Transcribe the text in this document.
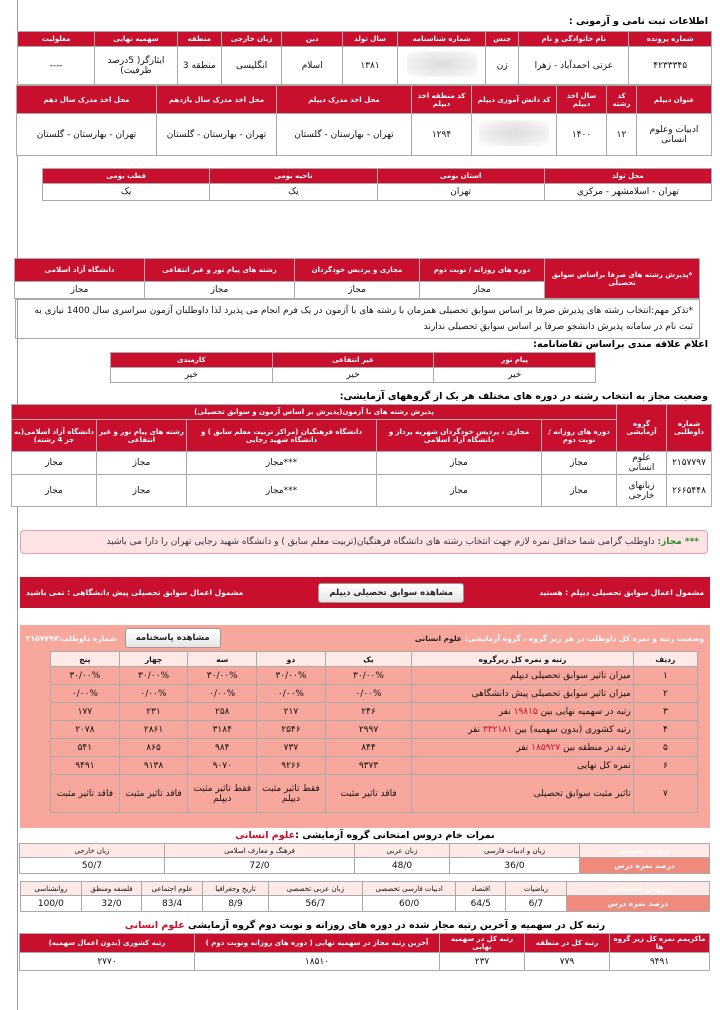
اطلاعات ثبت نامی و آزمونی :
شماره پرونده	نام خانوادگی و نام	جنس	شماره شناسنامه	سال تولد	دین	زبان خارجی	منطقه	سهمیه نهایی	معلولیت
۴۲۳۳۳۴۵	عزتی احمدآباد - زهرا	زن		۱۳۸۱	اسلام	انگلیسی	منطقه 3	ایثارگر( 5درصد ظرفیت)	----
عنوان دیپلم	کد رشته	سال اخذ دیپلم	کد دانش آموزی دیپلم	کد منطقه اخذ دیپلم	محل اخذ مدرک دیپلم	محل اخذ مدرک سال یازدهم	محل اخذ مدرک سال دهم
ادبیات وعلوم انسانی	۱۲	۱۴۰۰		۱۲۹۴	تهران - بهارستان - گلستان	تهران - بهارستان - گلستان	تهران - بهارستان - گلستان
محل تولد	استان بومی	ناحیه بومی	قطب بومی
تهران - اسلامشهر - مرکزی	تهران	یک	یک
*پذیرش رشته های صرفا براساس سوابق تحصیلی	دوره های روزانه / نوبت دوم	مجازی و پردیس خودگردان	رشته های پیام نور و غیر انتفاعی	دانشگاه آزاد اسلامی
	مجاز	مجاز	مجاز	مجاز
*تذکر مهم:انتخاب رشته های پذیرش صرفا بر اساس سوابق تحصیلی همزمان با رشته های با آزمون در یک فرم انجام می پذیرد لذا داوطلبان آزمون سراسری سال 1400 نیازی به ثبت نام در سامانه پذیرش دانشجو صرفا بر اساس سوابق تحصیلی ندارند
اعلام علاقه مندی براساس تقاضانامه:
پیام نور	غیر انتفاعی	کارمندی
خیر	خیر	خیر
وضعیت مجاز به انتخاب رشته در دوره های مختلف هر یک از گروههای آزمایشی:
شماره داوطلبی	گروه آزمایشی	پذیرش رشته های با آزمون(پذیرش بر اساس آزمون و سوابق تحصیلی)				
		دوره های روزانه / نوبت دوم	مجازی ، پردیس خودگردان شهریه پرداز و دانشگاه آزاد اسلامی	دانشگاه فرهنگیان (مراکز تربیت معلم سابق ) و دانشگاه شهید رجایی	رشته های پیام نور و غیر انتفاعی	دانشگاه آزاد اسلامی(به جز 4 رشته)
۲۱۵۷۷۹۷	علوم انسانی	مجاز	مجاز	***مجاز	مجاز	مجاز
۲۶۶۵۴۴۸	زبانهای خارجی	مجاز	مجاز	***مجاز	مجاز	مجاز
*** مجاز: داوطلب گرامی شما حداقل نمره لازم جهت انتخاب رشته های دانشگاه فرهنگیان(تربیت معلم سابق ) و دانشگاه شهید رجایی تهران را دارا می باشید
مشمول اعمال سوابق تحصیلی دیپلم : هستید
مشاهده سوابق تحصیلی دیپلم
مشمول اعمال سوابق تحصیلی پیش دانشگاهی : نمی باشید
وضعیت رتبه و نمره کل داوطلب در هر زیر گروه ، گروه آزمایشی: علوم انسانی
مشاهده پاسخنامه
شماره داوطلب:۲۱۵۷۷۹۷
ردیف	رتبه و نمره کل زیرگروه	یک	دو	سه	چهار	پنج
۱	میزان تاثیر سوابق تحصیلی دیپلم	۳۰/۰۰%	۳۰/۰۰%	۳۰/۰۰%	۳۰/۰۰%	۳۰/۰۰%
۲	میزان تاثیر سوابق تحصیلی پیش دانشگاهی	۰/۰۰%	۰/۰۰%	۰/۰۰%	۰/۰۰%	۰/۰۰%
۳	رتبه در سهمیه نهایی بین ۱۹۸۱۵ نفر	۲۴۶	۲۱۷	۲۵۸	۲۳۱	۱۷۷
۴	رتبه کشوری (بدون سهمیه) بین ۳۳۲۱۸۱ نفر	۲۹۹۷	۲۵۴۶	۳۱۸۴	۲۸۶۱	۲۰۷۸
۵	رتبه در منطقه بین ۱۸۵۹۲۷ نفر	۸۴۴	۷۳۷	۹۸۴	۸۶۵	۵۴۱
۶	نمره کل نهایی	۹۳۷۳	۹۲۶۶	۹۰۷۰	۹۱۳۸	۹۴۹۱
۷	تاثیر مثبت سوابق تحصیلی	فاقد تاثیر مثبت	فقط تاثیر مثبت دیپلم	فقط تاثیر مثبت دیپلم	فاقد تاثیر مثبت	فاقد تاثیر مثبت
نمرات خام دروس امتحانی گروه آزمایشی :علوم انسانی
دروس عمومی	زبان و ادبیات فارسی	زبان عربی	فرهنگ و معارف اسلامی	زبان خارجی
درصد نمره درس	36/0	48/0	72/0	50/7
دروس اختصاصی	ریاضیات	اقتصاد	ادبیات فارسی تخصصی	زبان عربی تخصصی	تاریخ وجغرافیا	علوم اجتماعی	فلسفه ومنطق	روانشناسی
درصد نمره درس	6/7	64/5	60/0	56/7	8/9	83/4	32/0	100/0
رتبه کل در سهمیه و آخرین رتبه مجاز شده در دوره های روزانه و نوبت دوم گروه آزمایشی علوم انسانی
ماکزیمم نمره کل زیر گروه ها	رتبه کل در منطقه	رتبه کل در سهمیه نهایی	آخرین رتبه مجاز در سهمیه نهایی ( دوره های روزانه ونوبت دوم )	رتبه کشوری (بدون اعمال سهمیه)
۹۴۹۱	۷۷۹	۲۳۷	۱۸۵۱۰	۲۷۷۰
